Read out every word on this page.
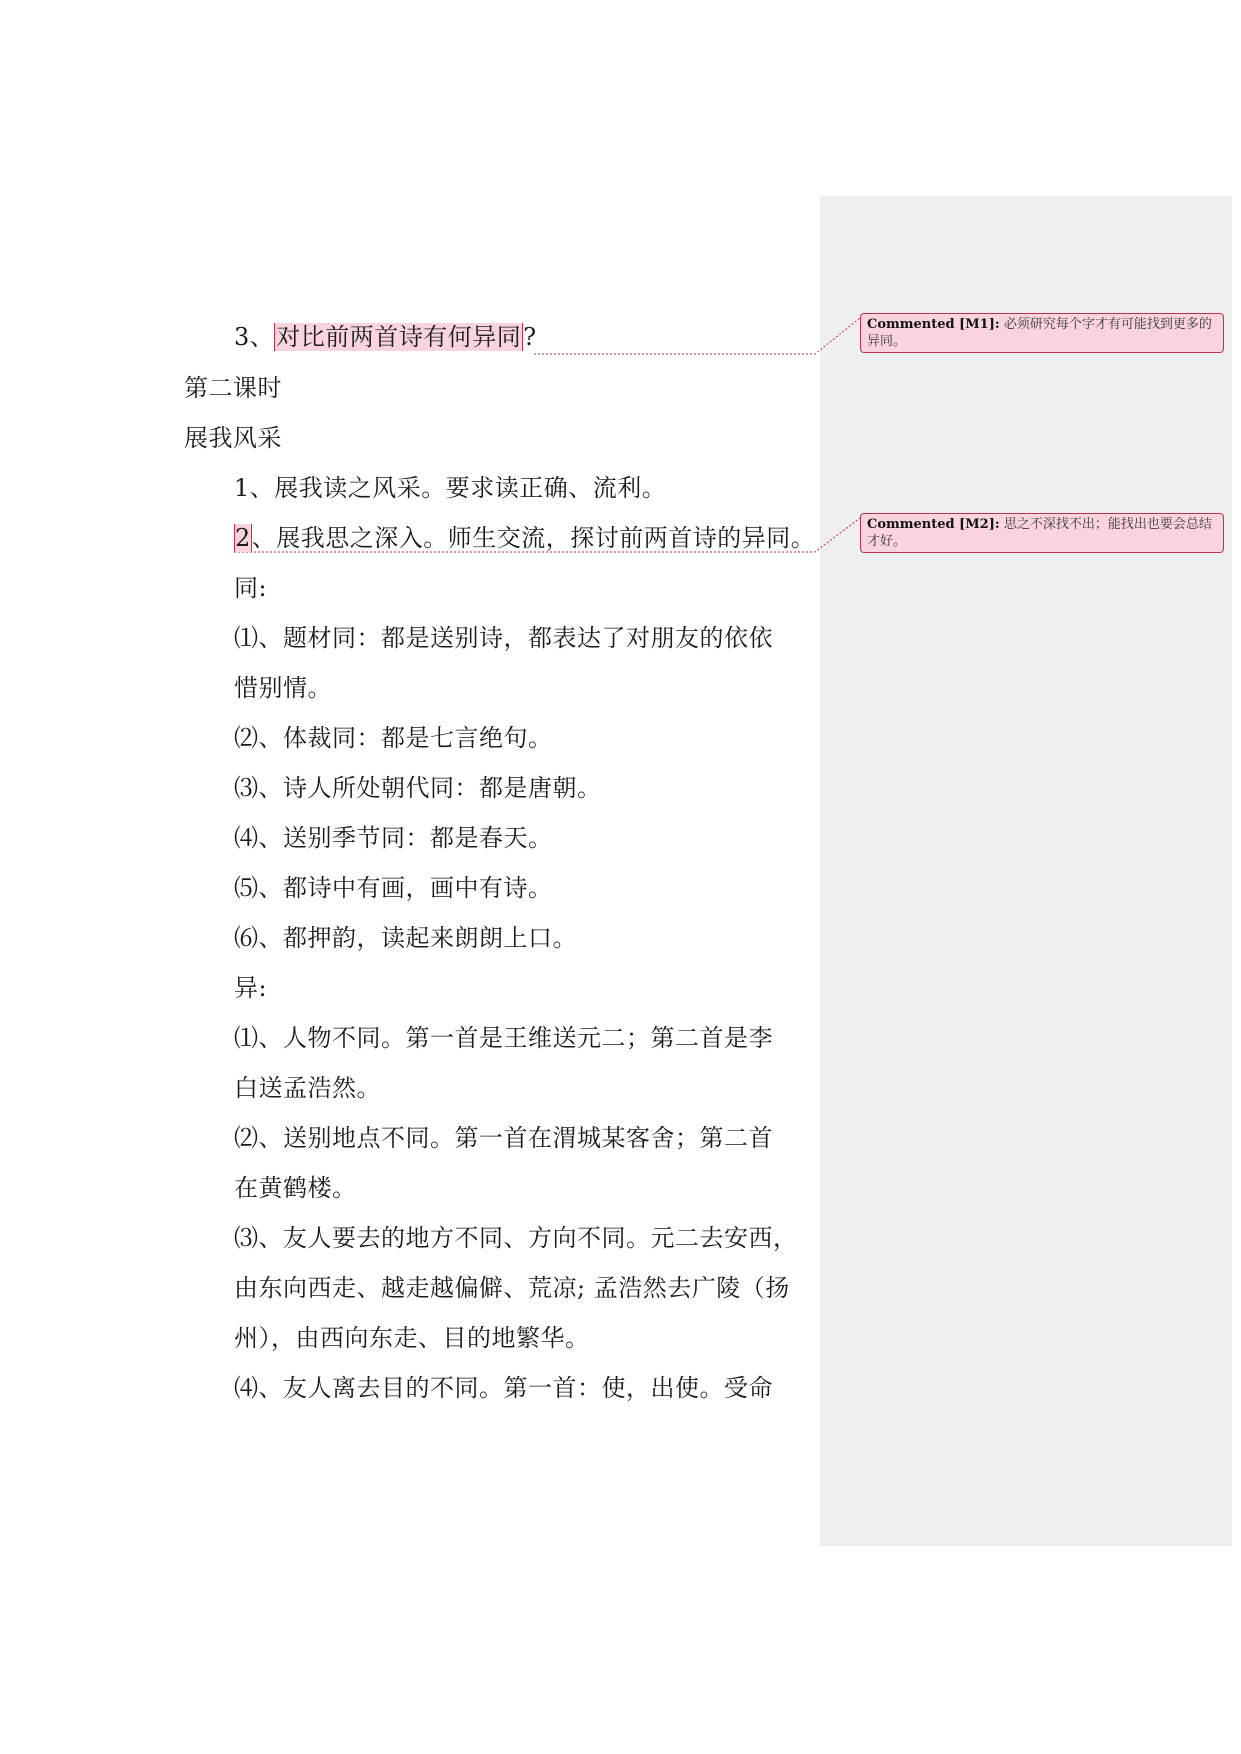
3、对比前两首诗有何异同?
第二课时
展我风采
1、展我读之风采。要求读正确、流利。
2、展我思之深入。师生交流，探讨前两首诗的异同。
同:
⑴、题材同：都是送别诗，都表达了对朋友的依依
惜别情。
⑵、体裁同：都是七言绝句。
⑶、诗人所处朝代同：都是唐朝。
⑷、送别季节同：都是春天。
⑸、都诗中有画，画中有诗。
⑹、都押韵，读起来朗朗上口。
异:
⑴、人物不同。第一首是王维送元二；第二首是李
白送孟浩然。
⑵、送别地点不同。第一首在渭城某客舍；第二首
在黄鹤楼。
⑶、友人要去的地方不同、方向不同。元二去安西，
由东向西走、越走越偏僻、荒凉; 孟浩然去广陵（扬
州），由西向东走、目的地繁华。
⑷、友人离去目的不同。第一首：使，出使。受命
Commented [M1]: 必须研究每个字才有可能找到更多的异同。
Commented [M2]: 思之不深找不出；能找出也要会总结才好。
